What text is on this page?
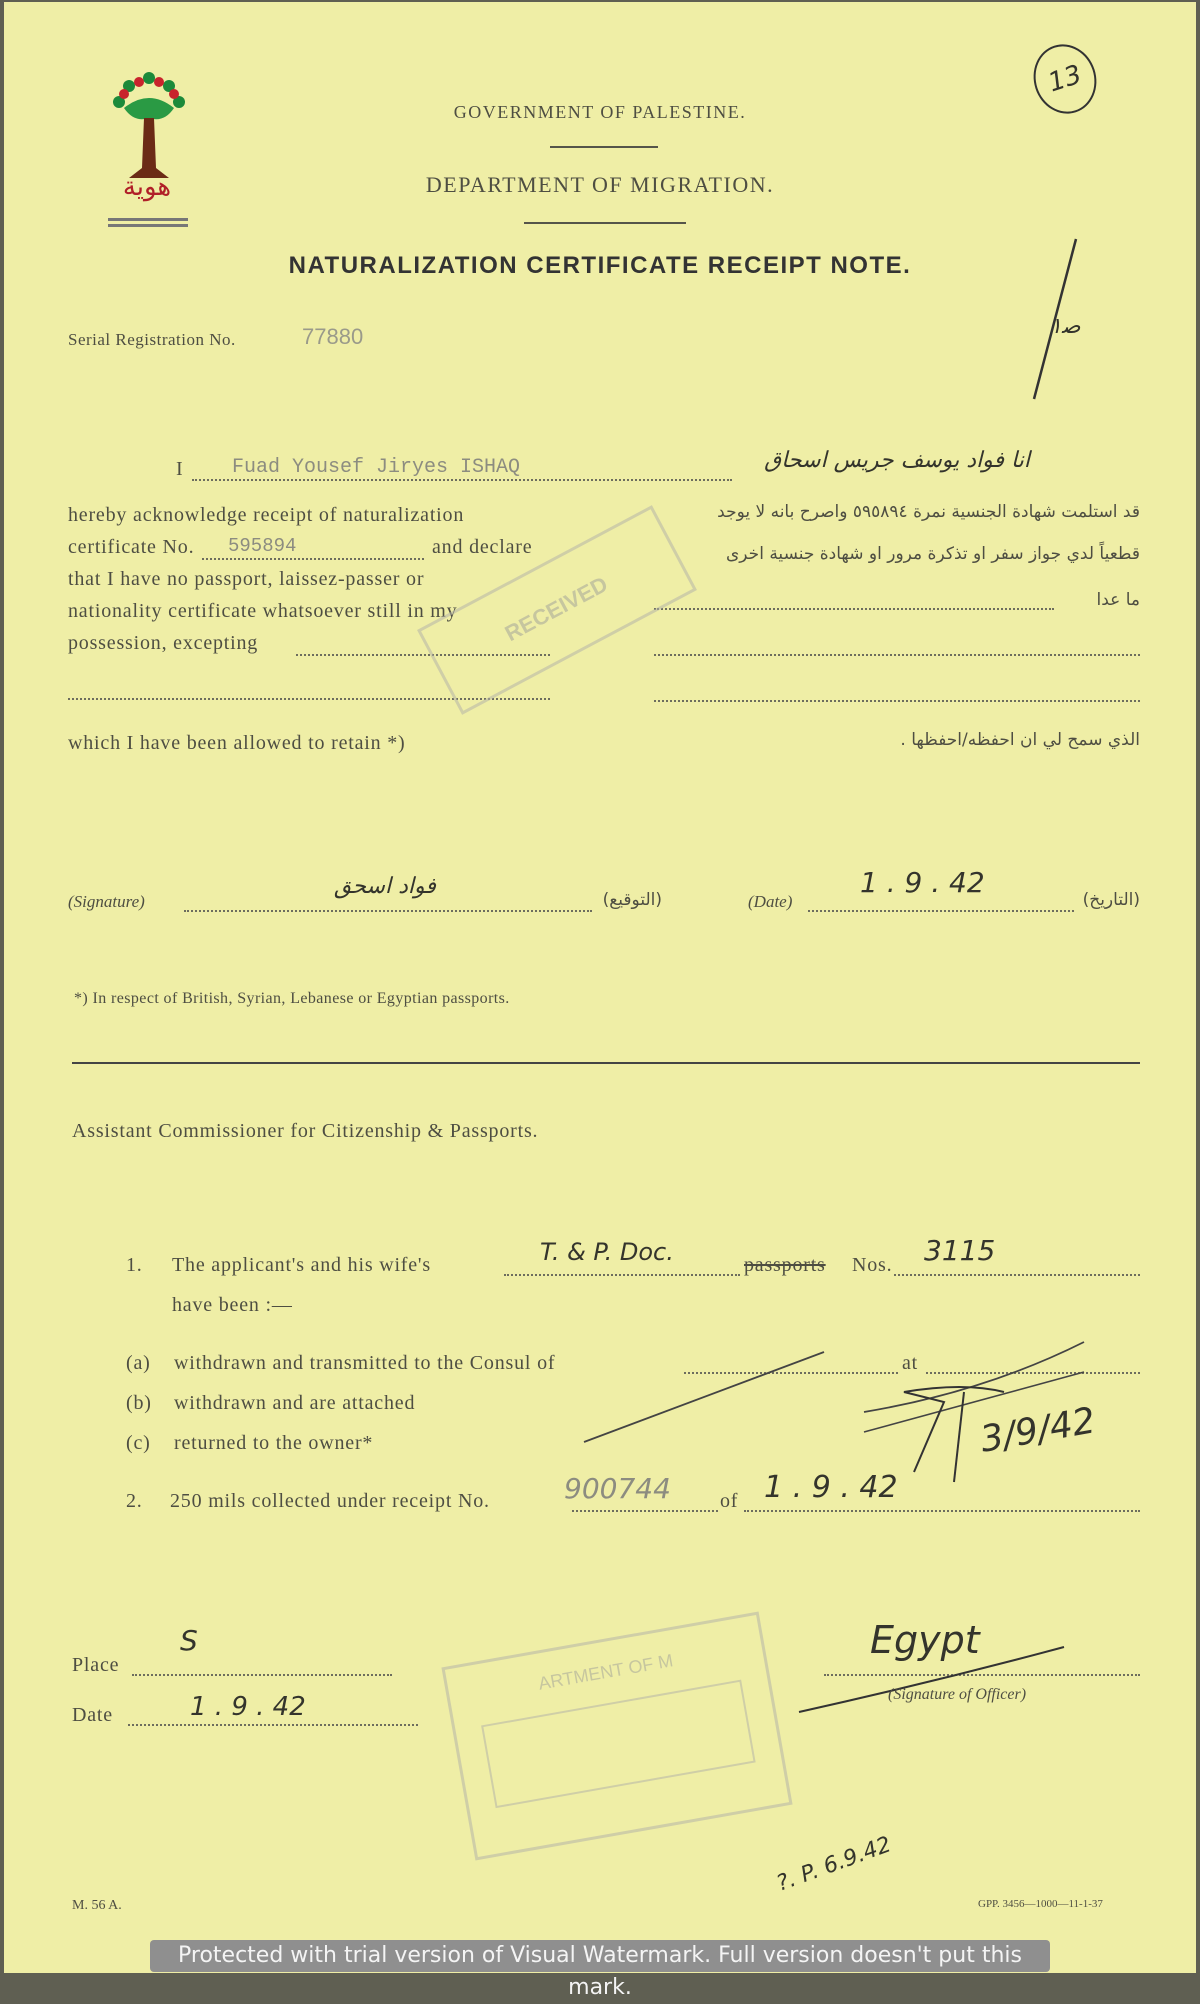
هوية
13
GOVERNMENT OF PALESTINE.
DEPARTMENT OF MIGRATION.
NATURALIZATION CERTIFICATE RECEIPT NOTE.
Serial Registration No.	77880	ﺻ١
I Fuad Yousef Jiryes ISHAQ	انا فواد يوسف جريس اسحاق
hereby acknowledge receipt of naturalization
certificate No. 595894	and declare
that I have no passport, laissez-passer or
nationality certificate whatsoever still in my
possession, excepting
which I have been allowed to retain *)
قد استلمت شهادة الجنسية نمرة ٥٩٥٨٩٤ واصرح بانه لا يوجد
قطعياً لدي جواز سفر او تذكرة مرور او شهادة جنسية اخرى
ما عدا
الذي سمح لي ان احفظه/احفظها .
RECEIVED
(Signature)
فواد اسحق
(التوقيع)	(Date)
1 . 9 . 42
(التاريخ)
*) In respect of British, Syrian, Lebanese or Egyptian passports.
Assistant Commissioner for Citizenship & Passports.
1. The applicant's and his wife's	T. & P. Doc.	passports Nos. 3115
have been :—
(a) withdrawn and transmitted to the Consul of	at
(b) withdrawn and are attached
(c) returned to the owner*	3/9/42
2. 250 mils collected under receipt No.	900744 of 1 . 9 . 42
Place
S
Date	1 . 9 . 42
ARTMENT OF M
Egypt
(Signature of Officer)
?. P. 6.9.42
M. 56 A.	GPP. 3456—1000—11-1-37
Protected with trial version of Visual Watermark. Full version doesn't put this mark.
